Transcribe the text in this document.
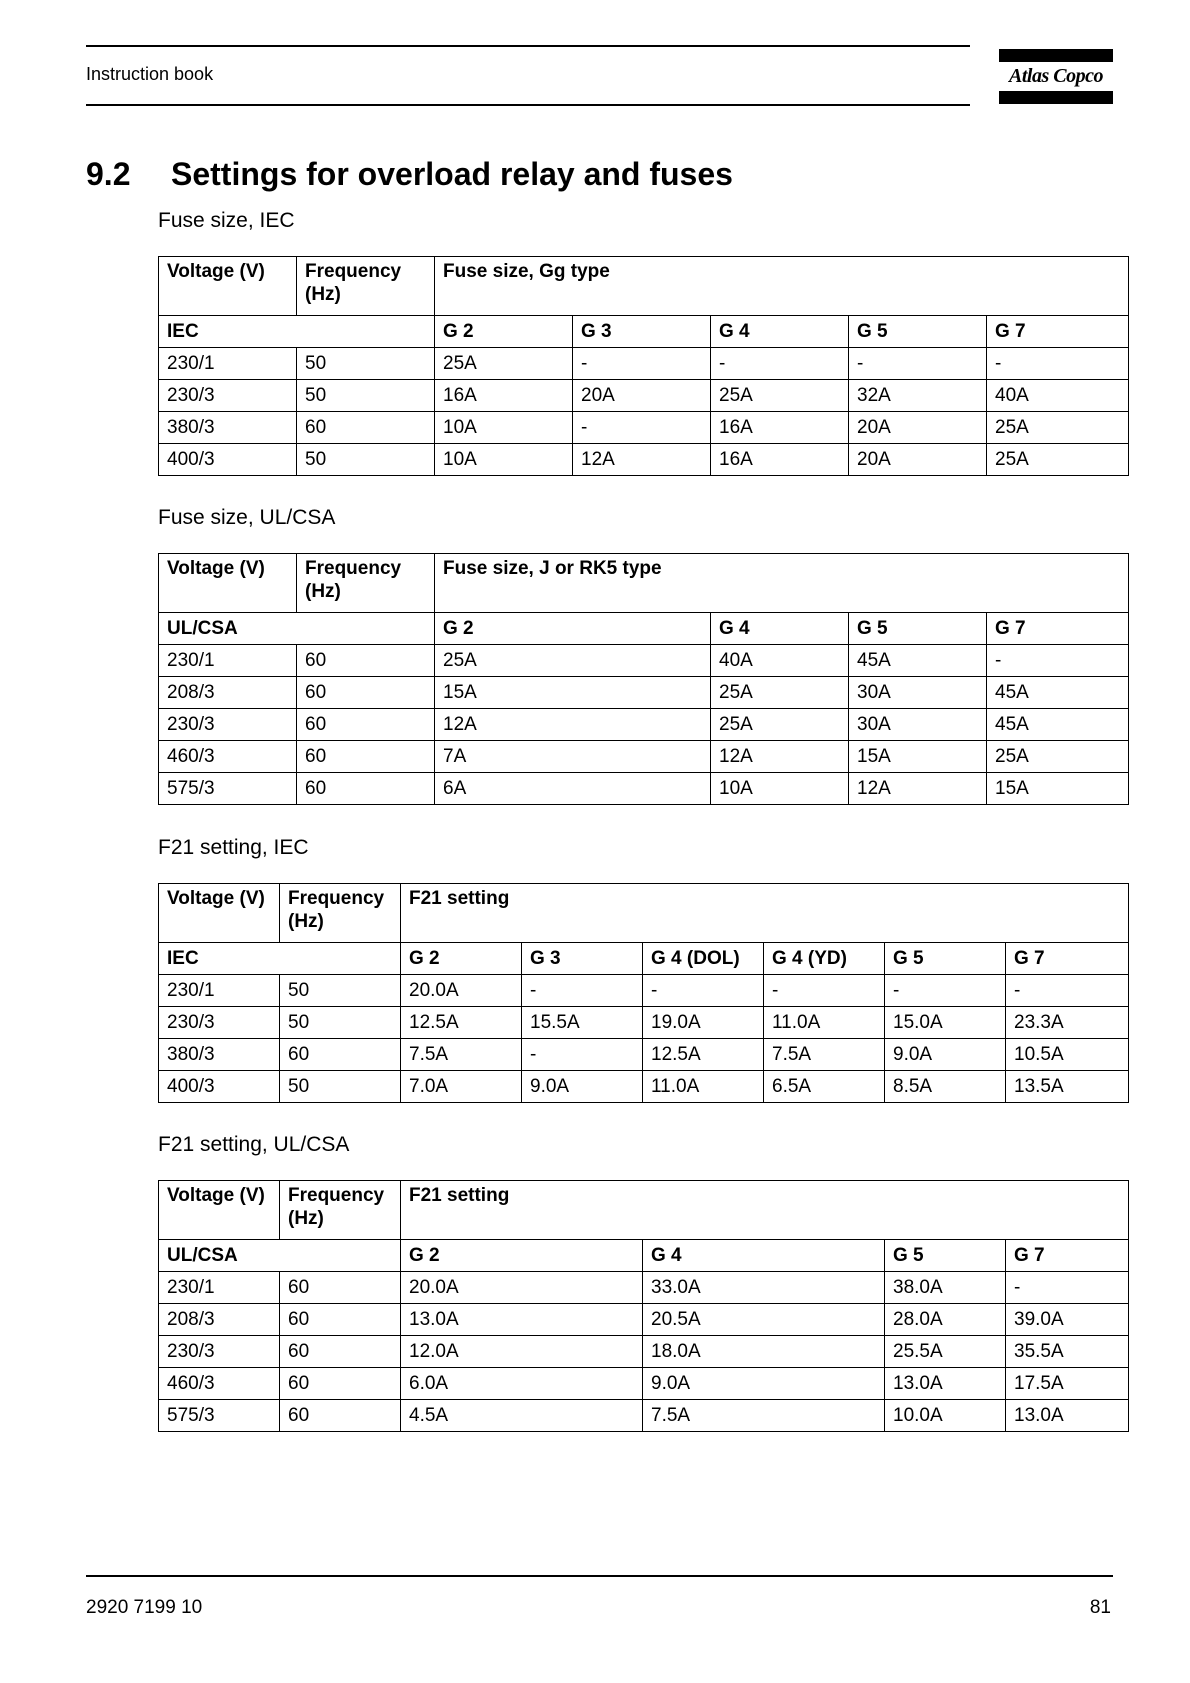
Instruction book	Atlas Copco
9.2 Settings for overload relay and fuses
Fuse size, IEC
Voltage (V)	Frequency (Hz)	Fuse size, Gg type				
IEC		G 2	G 3	G 4	G 5	G 7
230/1	50	25A	-	-	-	-
230/3	50	16A	20A	25A	32A	40A
380/3	60	10A	-	16A	20A	25A
400/3	50	10A	12A	16A	20A	25A
Fuse size, UL/CSA
Voltage (V)	Frequency (Hz)	Fuse size, J or RK5 type			
UL/CSA		G 2	G 4	G 5	G 7
230/1	60	25A	40A	45A	-
208/3	60	15A	25A	30A	45A
230/3	60	12A	25A	30A	45A
460/3	60	7A	12A	15A	25A
575/3	60	6A	10A	12A	15A
F21 setting, IEC
Voltage (V)	Frequency (Hz)	F21 setting					
IEC		G 2	G 3	G 4 (DOL)	G 4 (YD)	G 5	G 7
230/1	50	20.0A	-	-	-	-	-
230/3	50	12.5A	15.5A	19.0A	11.0A	15.0A	23.3A
380/3	60	7.5A	-	12.5A	7.5A	9.0A	10.5A
400/3	50	7.0A	9.0A	11.0A	6.5A	8.5A	13.5A
F21 setting, UL/CSA
Voltage (V)	Frequency (Hz)	F21 setting			
UL/CSA		G 2	G 4	G 5	G 7
230/1	60	20.0A	33.0A	38.0A	-
208/3	60	13.0A	20.5A	28.0A	39.0A
230/3	60	12.0A	18.0A	25.5A	35.5A
460/3	60	6.0A	9.0A	13.0A	17.5A
575/3	60	4.5A	7.5A	10.0A	13.0A
2920 7199 10	81
